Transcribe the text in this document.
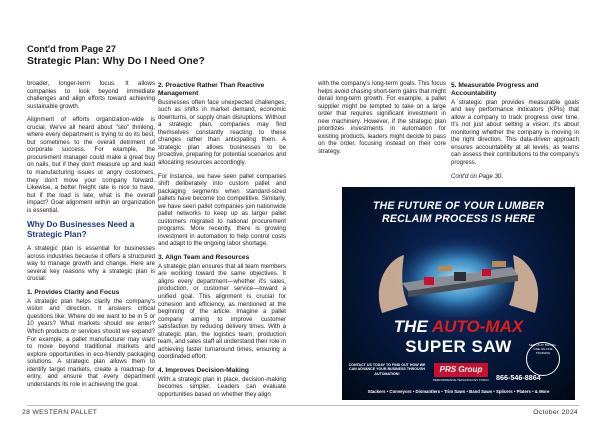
Cont'd from Page 27
Strategic Plan: Why Do I Need One?

broader, longer-term focus. It allows companies to look beyond immediate challenges and align efforts toward achieving sustainable growth.

Alignment of efforts organization-wide is crucial. We've all heard about "silo" thinking, where every department is trying to do its best, but sometimes to the overall detriment of corporate success. For example, the procurement manager could make a great buy on nails, but if they don't measure up and lead to manufacturing issues or angry customers, they don't move your company forward. Likewise, a better freight rate is nice to have, but if the load is late, what is the overall impact? Goal alignment within an organization is essential.

Why Do Businesses Need a Strategic Plan?

A strategic plan is essential for businesses across industries because it offers a structured way to manage growth and change. Here are several key reasons why a strategic plan is crucial:

1. Provides Clarity and Focus

A strategic plan helps clarify the company's vision and direction. It answers critical questions like: Where do we want to be in 5 or 10 years? What markets should we enter? Which products or services should we expand? For example, a pallet manufacturer may want to move beyond traditional markets and explore opportunities in eco-friendly packaging solutions. A strategic plan allows them to identify target markets, create a roadmap for entry, and ensure that every department understands its role in achieving the goal.

2. Proactive Rather Than Reactive Management

Businesses often face unexpected challenges, such as shifts in market demand, economic downturns, or supply chain disruptions. Without a strategic plan, companies may find themselves constantly reacting to these changes rather than anticipating them. A strategic plan allows businesses to be proactive, preparing for potential scenarios and allocating resources accordingly.

For instance, we have seen pallet companies shift deliberately into custom pallet and packaging segments when standard-sized pallets have become too competitive. Similarly, we have seen pallet companies join nationwide pallet networks to keep up as larger pallet customers migrated to national procurement programs. More recently, there is growing investment in automation to help control costs and adapt to the ongoing labor shortage.

3. Align Team and Resources

A strategic plan ensures that all team members are working toward the same objectives. It aligns every department—whether it's sales, production, or customer service—toward a unified goal. This alignment is crucial for cohesion and efficiency, as mentioned at the beginning of the article. Imagine a pallet company aiming to improve customer satisfaction by reducing delivery times. With a strategic plan, the logistics team, production team, and sales staff all understand their role in achieving faster turnaround times, ensuring a coordinated effort.

4. Improves Decision-Making

With a strategic plan in place, decision-making becomes simpler. Leaders can evaluate opportunities based on whether they align

with the company's long-term goals. This focus helps avoid chasing short-term gains that might derail long-term growth. For example, a pallet supplier might be tempted to take on a large order that requires significant investment in new machinery. However, if the strategic plan prioritizes investments in automation for existing products, leaders might decide to pass on the order, focusing instead on their core strategy.

5. Measurable Progress and Accountability

A strategic plan provides measurable goals and key performance indicators (KPIs) that allow a company to track progress over time. It's not just about setting a vision; it's about monitoring whether the company is moving in the right direction. This data-driven approach ensures accountability at all levels, as teams can assess their contributions to the company's progress.

Cont'd on Page 30.

THE FUTURE OF YOUR LUMBER
RECLAIM PROCESS IS HERE
THE AUTO-MAX
SUPER SAW
CONTACT US TODAY TO FIND OUT HOW WE CAN ADVANCE YOUR BUSINESS THROUGH AUTOMATION!	PRS Group
PERFORMANCE TECHNOLOGY TODAY
SEE US AT BOOTH - ONE ON ONE TRAINING
866-546-8864
Stackers • Conveyors • Dismantlers • Trim Saws • Band Saws • Splicers • Platers • & More
28 WESTERN PALLET	October 2024
